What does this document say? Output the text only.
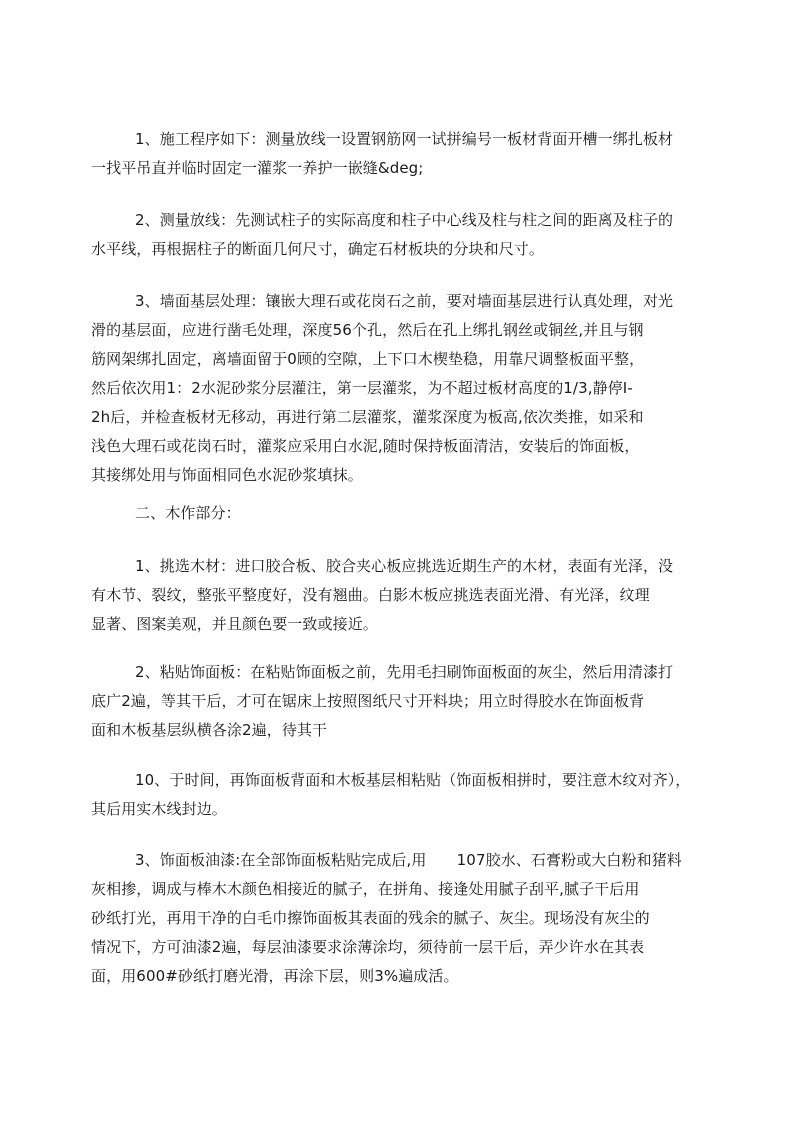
1、施工程序如下：测量放线一设置钢筋网一试拼编号一板材背面开槽一绑扎板材
一找平吊直并临时固定一灌浆一养护一嵌缝&deg;
2、测量放线：先测试柱子的实际高度和柱子中心线及柱与柱之间的距离及柱子的
水平线，再根据柱子的断面几何尺寸，确定石材板块的分块和尺寸。
3、墙面基层处理：镶嵌大理石或花岗石之前，要对墙面基层进行认真处理，对光
滑的基层面，应进行凿毛处理，深度56个孔，然后在孔上绑扎钢丝或铜丝,并且与钢
筋网架绑扎固定，离墙面留于0顾的空隙，上下口木楔垫稳，用靠尺调整板面平整，
然后依次用1：2水泥砂浆分层灌注，第一层灌浆，为不超过板材高度的1/3,静停I-
2h后，并检查板材无移动，再进行第二层灌浆，灌浆深度为板高,依次类推，如采和
浅色大理石或花岗石时，灌浆应采用白水泥,随时保持板面清洁，安装后的饰面板，
其接绑处用与饰面相同色水泥砂浆填抹。
二、木作部分：
1、挑选木材：进口胶合板、胶合夹心板应挑选近期生产的木材，表面有光泽，没
有木节、裂纹，整张平整度好，没有翘曲。白影木板应挑选表面光滑、有光泽，纹理
显著、图案美观，并且颜色要一致或接近。
2、粘贴饰面板：在粘贴饰面板之前，先用毛扫刷饰面板面的灰尘，然后用清漆打
底广2遍，等其干后，才可在锯床上按照图纸尺寸开料块；用立时得胶水在饰面板背
面和木板基层纵横各涂2遍，待其干
10、于时间，再饰面板背面和木板基层相粘贴（饰面板相拼时，要注意木纹对齐），
其后用实木线封边。
3、饰面板油漆:在全部饰面板粘贴完成后,用　　107胶水、石膏粉或大白粉和猪料
灰相掺，调成与棒木木颜色相接近的腻子，在拼角、接逢处用腻子刮平,腻子干后用
砂纸打光，再用干净的白毛巾擦饰面板其表面的残余的腻子、灰尘。现场没有灰尘的
情况下，方可油漆2遍，每层油漆要求涂薄涂均，须待前一层干后，弄少许水在其表
面，用600#砂纸打磨光滑，再涂下层，则3%遍成活。
